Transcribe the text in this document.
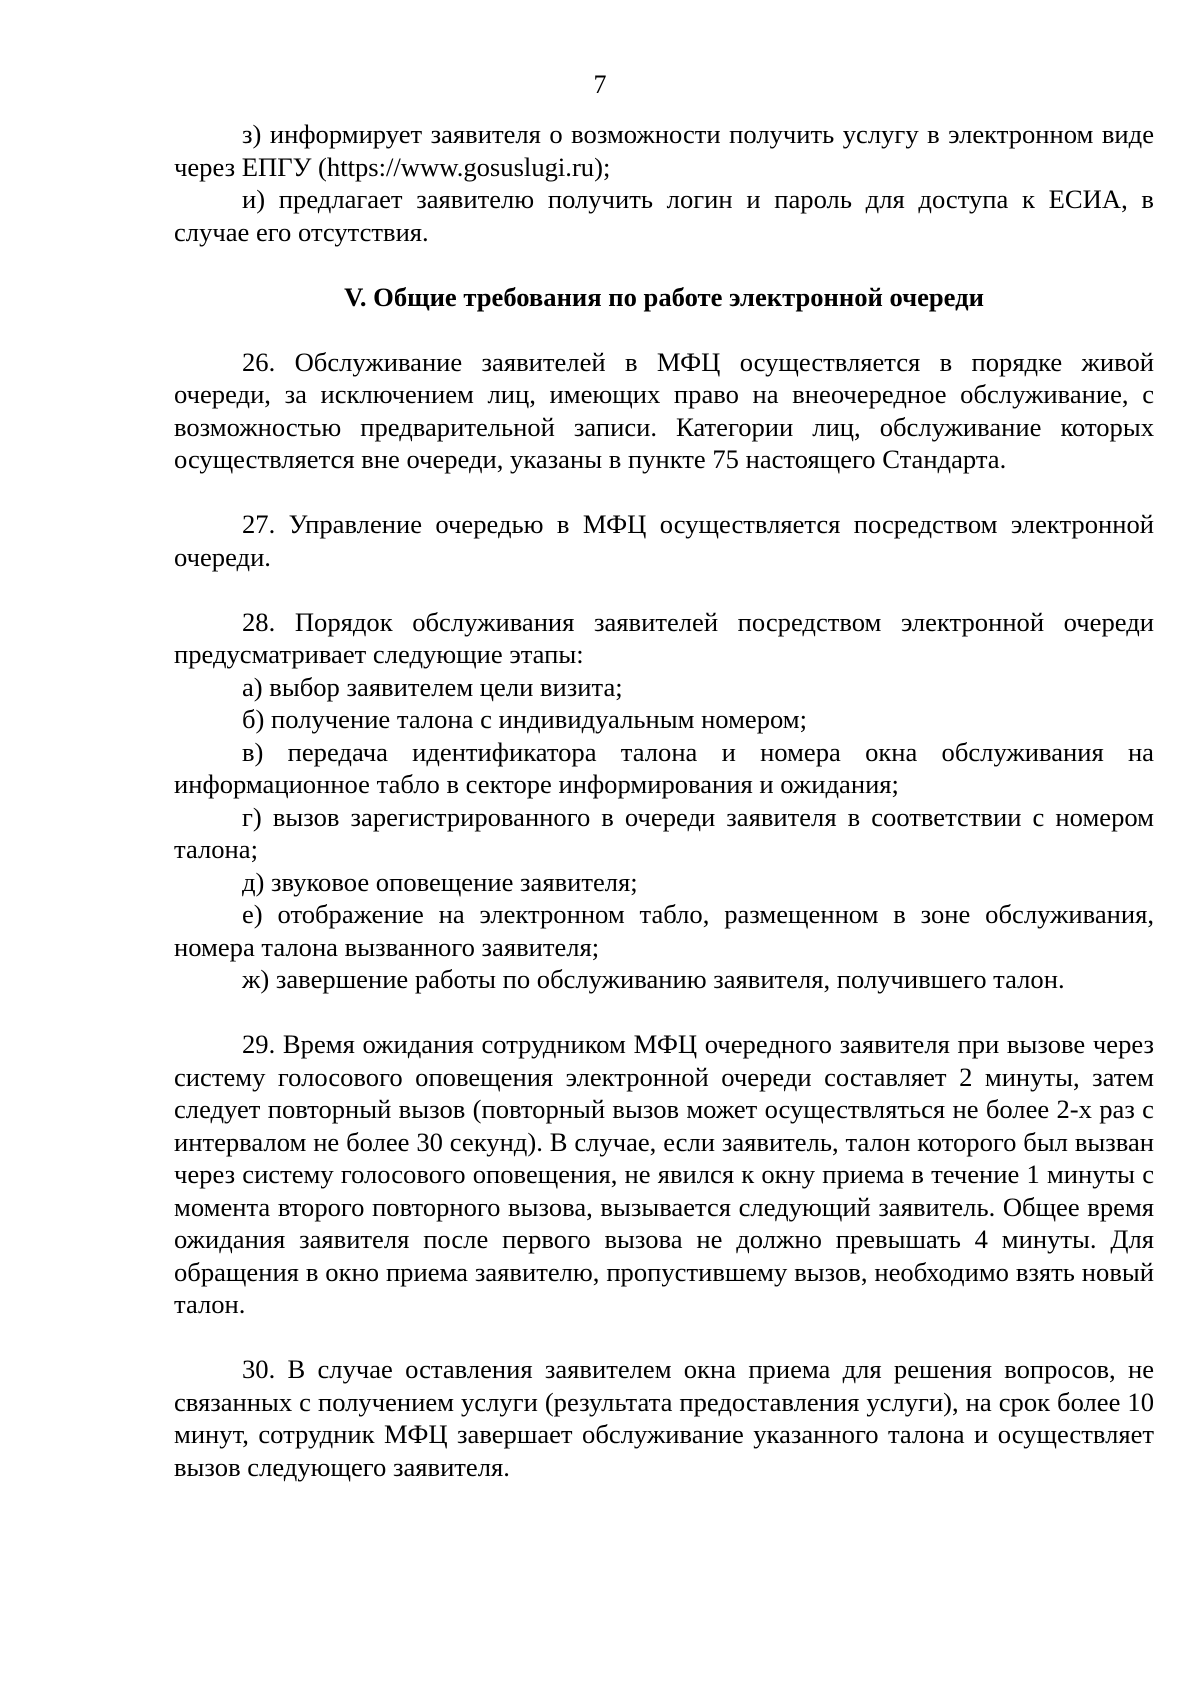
7

з) информирует заявителя о возможности получить услугу в электронном виде через ЕПГУ (https://www.gosuslugi.ru);

и) предлагает заявителю получить логин и пароль для доступа к ЕСИА, в случае его отсутствия.

V. Общие требования по работе электронной очереди

26. Обслуживание заявителей в МФЦ осуществляется в порядке живой очереди, за исключением лиц, имеющих право на внеочередное обслуживание, с возможностью предварительной записи. Категории лиц, обслуживание которых осуществляется вне очереди, указаны в пункте 75 настоящего Стандарта.

27. Управление очередью в МФЦ осуществляется посредством электронной очереди.

28. Порядок обслуживания заявителей посредством электронной очереди предусматривает следующие этапы:

а) выбор заявителем цели визита;

б) получение талона с индивидуальным номером;

в) передача идентификатора талона и номера окна обслуживания на информационное табло в секторе информирования и ожидания;

г) вызов зарегистрированного в очереди заявителя в соответствии с номером талона;

д) звуковое оповещение заявителя;

е) отображение на электронном табло, размещенном в зоне обслуживания, номера талона вызванного заявителя;

ж) завершение работы по обслуживанию заявителя, получившего талон.

29. Время ожидания сотрудником МФЦ очередного заявителя при вызове через систему голосового оповещения электронной очереди составляет 2 минуты, затем следует повторный вызов (повторный вызов может осуществляться не более 2-х раз с интервалом не более 30 секунд). В случае, если заявитель, талон которого был вызван через систему голосового оповещения, не явился к окну приема в течение 1 минуты с момента второго повторного вызова, вызывается следующий заявитель. Общее время ожидания заявителя после первого вызова не должно превышать 4 минуты. Для обращения в окно приема заявителю, пропустившему вызов, необходимо взять новый талон.

30. В случае оставления заявителем окна приема для решения вопросов, не связанных с получением услуги (результата предоставления услуги), на срок более 10 минут, сотрудник МФЦ завершает обслуживание указанного талона и осуществляет вызов следующего заявителя.
